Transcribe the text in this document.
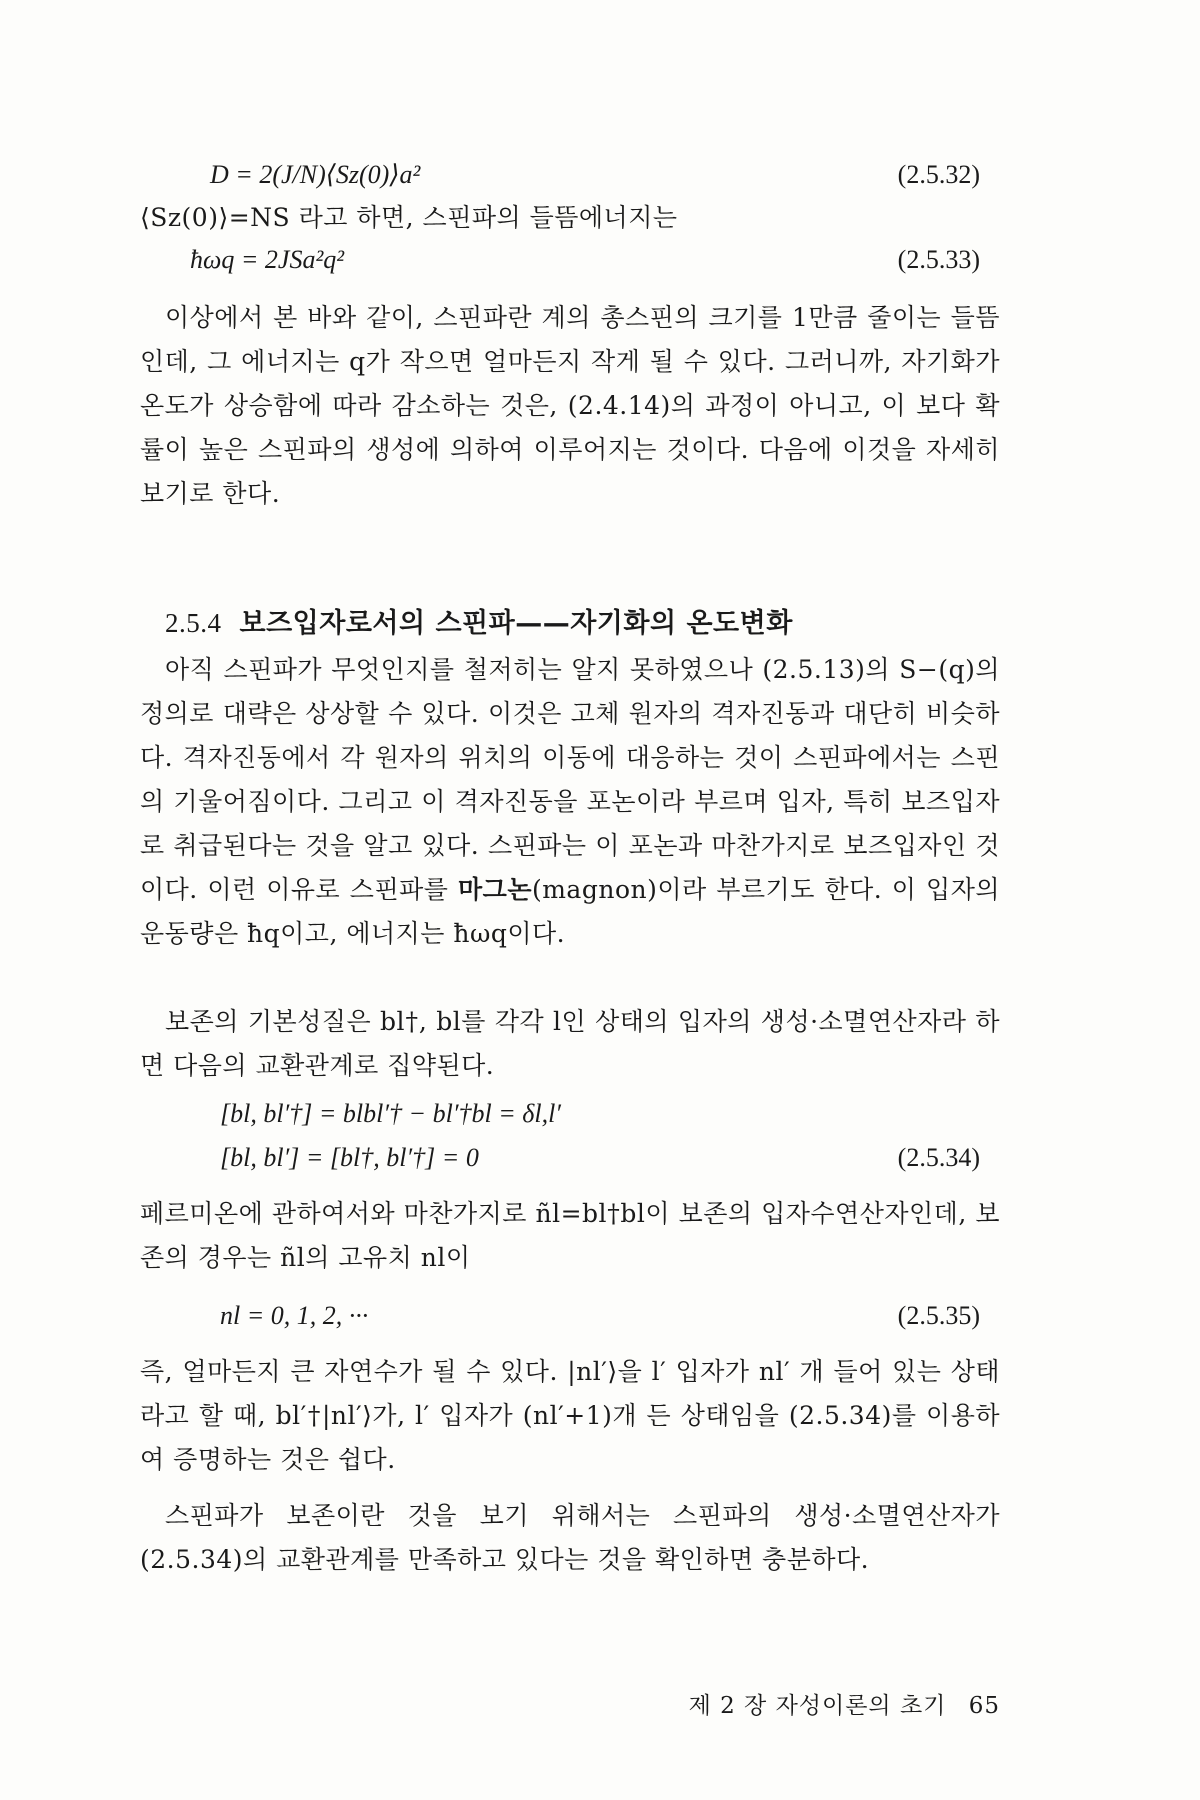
D = 2(J/N)⟨Sz(0)⟩a²	(2.5.32)

⟨Sz(0)⟩=NS 라고 하면, 스핀파의 들뜸에너지는

ħωq = 2JSa²q²	(2.5.33)

이상에서 본 바와 같이, 스핀파란 계의 총스핀의 크기를 1만큼 줄이는 들뜸인데, 그 에너지는 q가 작으면 얼마든지 작게 될 수 있다. 그러니까, 자기화가 온도가 상승함에 따라 감소하는 것은, (2.4.14)의 과정이 아니고, 이 보다 확률이 높은 스핀파의 생성에 의하여 이루어지는 것이다. 다음에 이것을 자세히 보기로 한다.

2.5.4 보즈입자로서의 스핀파——자기화의 온도변화

아직 스핀파가 무엇인지를 철저히는 알지 못하였으나 (2.5.13)의 S−(q)의 정의로 대략은 상상할 수 있다. 이것은 고체 원자의 격자진동과 대단히 비슷하다. 격자진동에서 각 원자의 위치의 이동에 대응하는 것이 스핀파에서는 스핀의 기울어짐이다. 그리고 이 격자진동을 포논이라 부르며 입자, 특히 보즈입자로 취급된다는 것을 알고 있다. 스핀파는 이 포논과 마찬가지로 보즈입자인 것이다. 이런 이유로 스핀파를 마그논(magnon)이라 부르기도 한다. 이 입자의 운동량은 ħq이고, 에너지는 ħωq이다.

보존의 기본성질은 bl†, bl를 각각 l인 상태의 입자의 생성·소멸연산자라 하면 다음의 교환관계로 집약된다.

[bl, bl′†] = blbl′† − bl′†bl = δl,l′
[bl, bl′] = [bl†, bl′†] = 0	(2.5.34)

페르미온에 관하여서와 마찬가지로 ñl=bl†bl이 보존의 입자수연산자인데, 보존의 경우는 ñl의 고유치 nl이

nl = 0, 1, 2, ···	(2.5.35)

즉, 얼마든지 큰 자연수가 될 수 있다. |nl′⟩을 l′ 입자가 nl′ 개 들어 있는 상태라고 할 때, bl′†|nl′⟩가, l′ 입자가 (nl′+1)개 든 상태임을 (2.5.34)를 이용하여 증명하는 것은 쉽다.

스핀파가 보존이란 것을 보기 위해서는 스핀파의 생성·소멸연산자가 (2.5.34)의 교환관계를 만족하고 있다는 것을 확인하면 충분하다.

제 2 장 자성이론의 초기 65
